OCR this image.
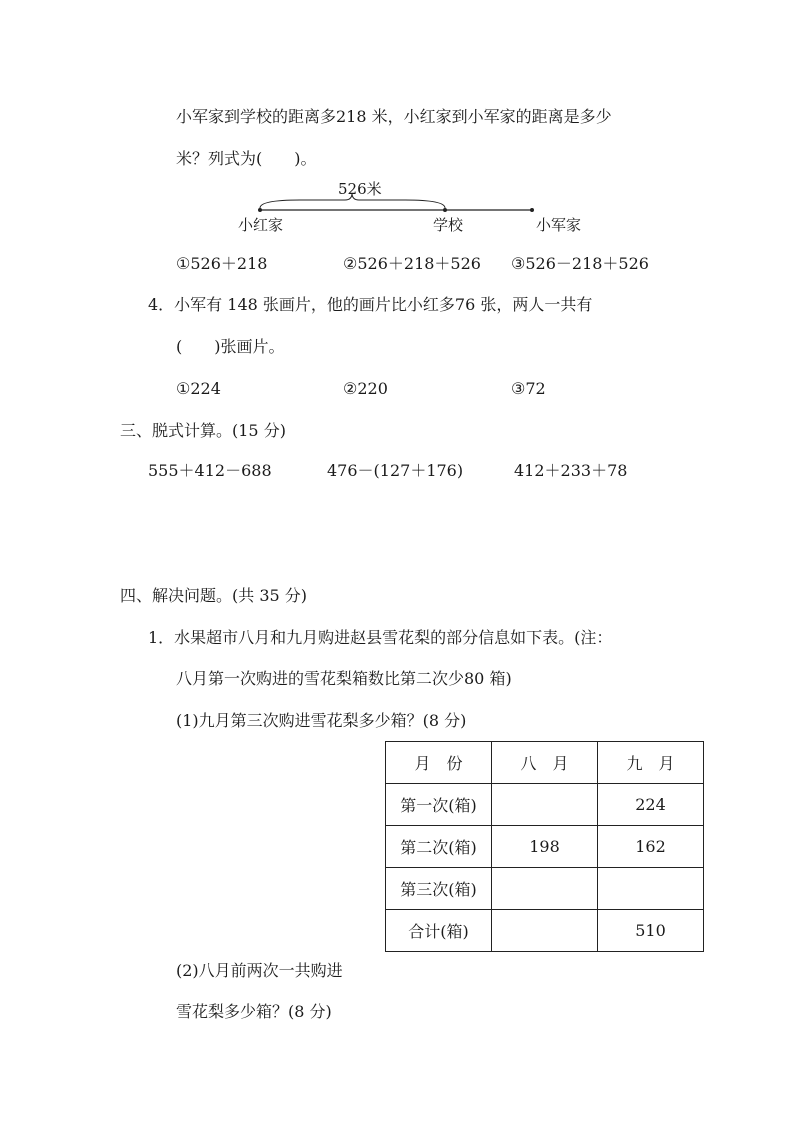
小军家到学校的距离多218 米，小红家到小军家的距离是多少
米？列式为(　　)。
526米
小红家	学校	小军家
①526＋218	②526＋218＋526 ③526－218＋526
4．小军有 148 张画片，他的画片比小红多76 张，两人一共有
(　　)张画片。
①224	②220	③72
三、脱式计算。(15 分)
555＋412－688	476－(127＋176)	412＋233＋78
四、解决问题。(共 35 分)
1．水果超市八月和九月购进赵县雪花梨的部分信息如下表。(注：
八月第一次购进的雪花梨箱数比第二次少80 箱)
(1)九月第三次购进雪花梨多少箱？(8 分)
月　份	八　月	九　月
第一次(箱)		224
第二次(箱)	198	162
第三次(箱)		
合计(箱)		510
(2)八月前两次一共购进
雪花梨多少箱？(8 分)
